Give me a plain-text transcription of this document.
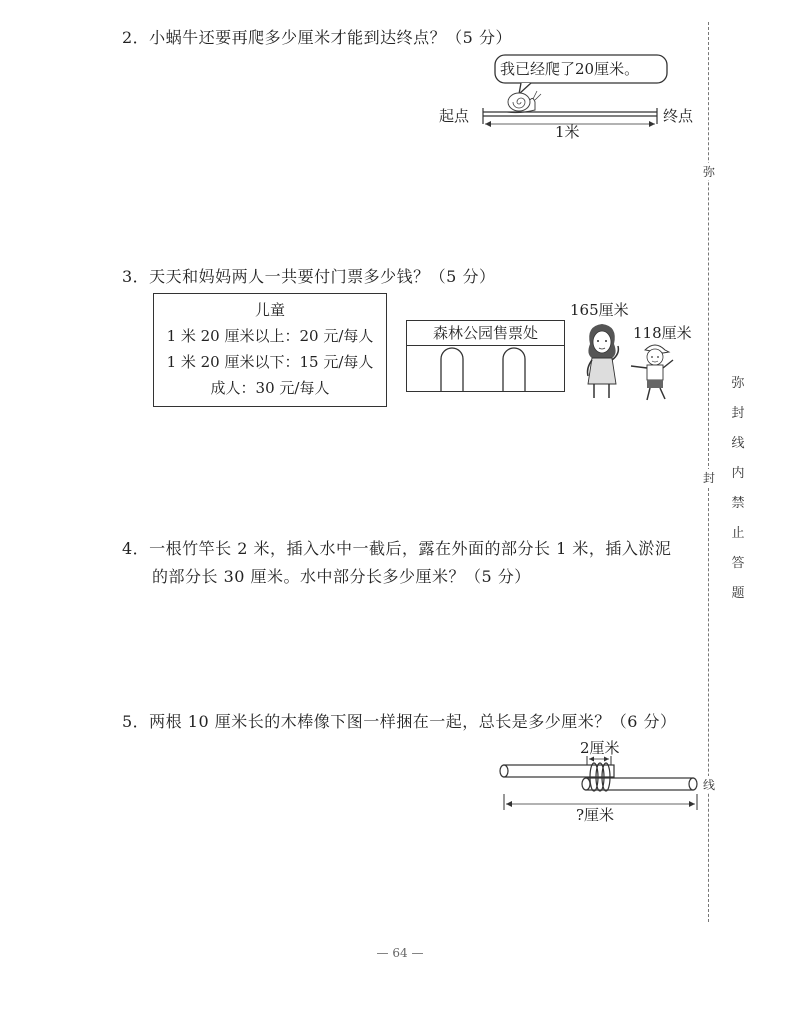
2．小蜗牛还要再爬多少厘米才能到达终点？（5 分）
我已经爬了20厘米。
起点	终点
1米
3．天天和妈妈两人一共要付门票多少钱？（5 分）
儿童
1 米 20 厘米以上：20 元/每人
1 米 20 厘米以下：15 元/每人
成人：30 元/每人
森林公园售票处
165厘米
118厘米
4．一根竹竿长 2 米，插入水中一截后，露在外面的部分长 1 米，插入淤泥
的部分长 30 厘米。水中部分长多少厘米？（5 分）
5．两根 10 厘米长的木棒像下图一样捆在一起，总长是多少厘米？（6 分）
2厘米
?厘米
弥
封
线
弥
封
线
内
禁
止
答
题
— 64 —
